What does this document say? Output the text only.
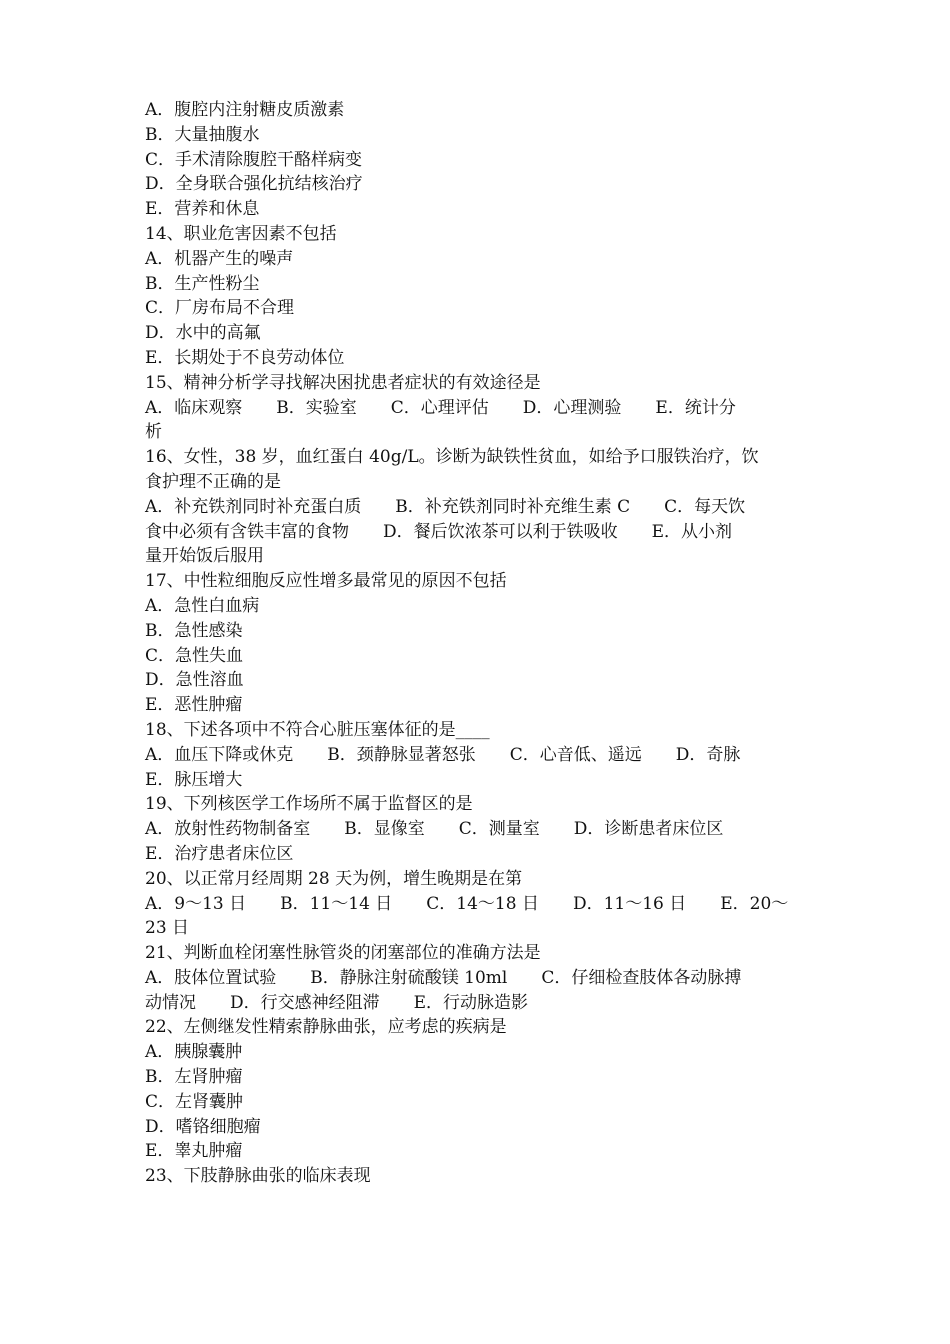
A．腹腔内注射糖皮质激素
B．大量抽腹水
C．手术清除腹腔干酪样病变
D．全身联合强化抗结核治疗
E．营养和休息
14、职业危害因素不包括
A．机器产生的噪声
B．生产性粉尘
C．厂房布局不合理
D．水中的高氟
E．长期处于不良劳动体位
15、精神分析学寻找解决困扰患者症状的有效途径是
A．临床观察　　B．实验室　　C．心理评估　　D．心理测验　　E．统计分
析
16、女性，38 岁，血红蛋白 40g/L。诊断为缺铁性贫血，如给予口服铁治疗，饮
食护理不正确的是
A．补充铁剂同时补充蛋白质　　B．补充铁剂同时补充维生素 C　　C．每天饮
食中必须有含铁丰富的食物　　D．餐后饮浓茶可以利于铁吸收　　E．从小剂
量开始饭后服用
17、中性粒细胞反应性增多最常见的原因不包括
A．急性白血病
B．急性感染
C．急性失血
D．急性溶血
E．恶性肿瘤
18、下述各项中不符合心脏压塞体征的是____
A．血压下降或休克　　B．颈静脉显著怒张　　C．心音低、遥远　　D．奇脉
E．脉压增大
19、下列核医学工作场所不属于监督区的是
A．放射性药物制备室　　B．显像室　　C．测量室　　D．诊断患者床位区
E．治疗患者床位区
20、以正常月经周期 28 天为例，增生晚期是在第
A．9～13 日　　B．11～14 日　　C．14～18 日　　D．11～16 日　　E．20～
23 日
21、判断血栓闭塞性脉管炎的闭塞部位的准确方法是
A．肢体位置试验　　B．静脉注射硫酸镁 10ml　　C．仔细检查肢体各动脉搏
动情况　　D．行交感神经阻滞　　E．行动脉造影
22、左侧继发性精索静脉曲张，应考虑的疾病是
A．胰腺囊肿
B．左肾肿瘤
C．左肾囊肿
D．嗜铬细胞瘤
E．睾丸肿瘤
23、下肢静脉曲张的临床表现
